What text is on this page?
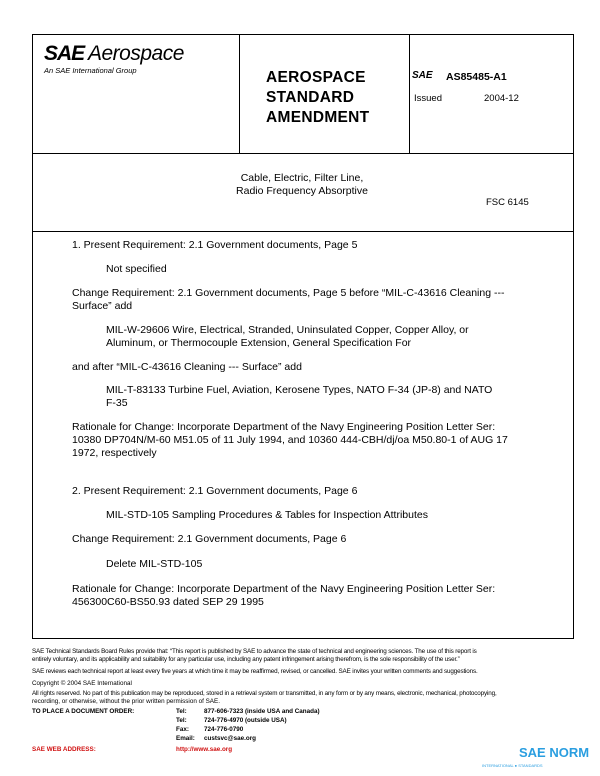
SAE Aerospace
An SAE International Group	AEROSPACE
STANDARD
AMENDMENT
SAE AS85485-A1
Issued	2004-12
Cable, Electric, Filter Line,
Radio Frequency Absorptive
FSC 6145
1. Present Requirement: 2.1 Government documents, Page 5
Not specified
Change Requirement: 2.1 Government documents, Page 5 before “MIL-C-43616 Cleaning ---
Surface” add
MIL-W-29606 Wire, Electrical, Stranded, Uninsulated Copper, Copper Alloy, or
Aluminum, or Thermocouple Extension, General Specification For
and after “MIL-C-43616 Cleaning --- Surface” add
MIL-T-83133 Turbine Fuel, Aviation, Kerosene Types, NATO F-34 (JP-8) and NATO
F-35
Rationale for Change: Incorporate Department of the Navy Engineering Position Letter Ser:
10380 DP704N/M-60 M51.05 of 11 July 1994, and 10360 444-CBH/dj/oa M50.80-1 of AUG 17
1972, respectively
2. Present Requirement: 2.1 Government documents, Page 6
MIL-STD-105 Sampling Procedures & Tables for Inspection Attributes
Change Requirement: 2.1 Government documents, Page 6
Delete MIL-STD-105
Rationale for Change: Incorporate Department of the Navy Engineering Position Letter Ser:
456300C60-BS50.93 dated SEP 29 1995
SAE Technical Standards Board Rules provide that: “This report is published by SAE to advance the state of technical and engineering sciences. The use of this report is
entirely voluntary, and its applicability and suitability for any particular use, including any patent infringement arising therefrom, is the sole responsibility of the user.”
SAE reviews each technical report at least every five years at which time it may be reaffirmed, revised, or cancelled. SAE invites your written comments and suggestions.
Copyright © 2004 SAE International
All rights reserved. No part of this publication may be reproduced, stored in a retrieval system or transmitted, in any form or by any means, electronic, mechanical, photocopying,
recording, or otherwise, without the prior written permission of SAE.
TO PLACE A DOCUMENT ORDER:	Tel:	877-606-7323 (inside USA and Canada)
Tel:	724-776-4970 (outside USA)
Fax: 724-776-0790
Email: custsvc@sae.org
SAE WEB ADDRESS:	http://www.sae.org	SAE NORM
INTERNATIONAL ● STANDARDS
